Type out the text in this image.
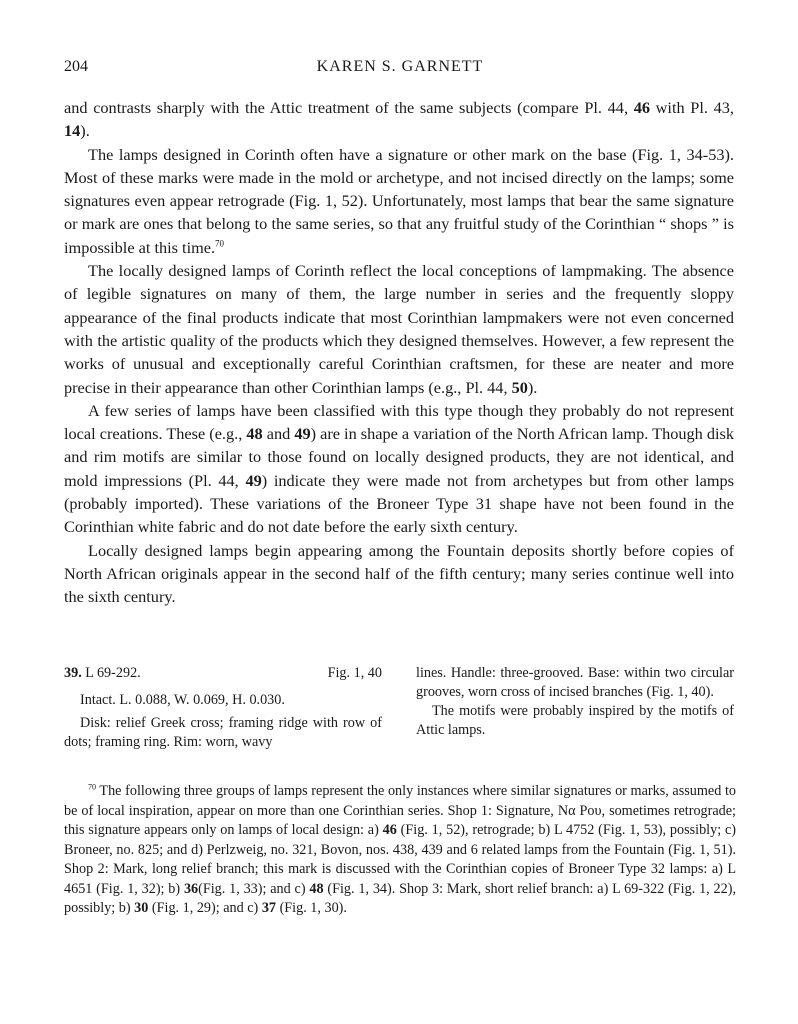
204	KAREN S. GARNETT

and contrasts sharply with the Attic treatment of the same subjects (compare Pl. 44, 46 with Pl. 43, 14).

The lamps designed in Corinth often have a signature or other mark on the base (Fig. 1, 34-53). Most of these marks were made in the mold or archetype, and not incised directly on the lamps; some signatures even appear retrograde (Fig. 1, 52). Unfortunately, most lamps that bear the same signature or mark are ones that belong to the same series, so that any fruitful study of the Corinthian “ shops ” is impossible at this time.$^{70}$

The locally designed lamps of Corinth reflect the local conceptions of lampmaking. The absence of legible signatures on many of them, the large number in series and the frequently sloppy appearance of the final products indicate that most Corinthian lampmakers were not even concerned with the artistic quality of the products which they designed themselves. However, a few represent the works of unusual and exceptionally careful Corinthian craftsmen, for these are neater and more precise in their appearance than other Corinthian lamps (e.g., Pl. 44, 50).

A few series of lamps have been classified with this type though they probably do not represent local creations. These (e.g., 48 and 49) are in shape a variation of the North African lamp. Though disk and rim motifs are similar to those found on locally designed products, they are not identical, and mold impressions (Pl. 44, 49) indicate they were made not from archetypes but from other lamps (probably imported). These variations of the Broneer Type 31 shape have not been found in the Corinthian white fabric and do not date before the early sixth century.

Locally designed lamps begin appearing among the Fountain deposits shortly before copies of North African originals appear in the second half of the fifth century; many series continue well into the sixth century.

39. L 69-292.	Fig. 1, 40

Intact. L. 0.088, W. 0.069, H. 0.030.

Disk: relief Greek cross; framing ridge with row of dots; framing ring. Rim: worn, wavy

lines. Handle: three-grooved. Base: within two circular grooves, worn cross of incised branches (Fig. 1, 40).

The motifs were probably inspired by the motifs of Attic lamps.

$^{70}$ The following three groups of lamps represent the only instances where similar signatures or marks, assumed to be of local inspiration, appear on more than one Corinthian series. Shop 1: Signature, Να Ρου, sometimes retrograde; this signature appears only on lamps of local design: a) 46 (Fig. 1, 52), retrograde; b) L 4752 (Fig. 1, 53), possibly; c) Broneer, no. 825; and d) Perlzweig, no. 321, Bovon, nos. 438, 439 and 6 related lamps from the Fountain (Fig. 1, 51). Shop 2: Mark, long relief branch; this mark is discussed with the Corinthian copies of Broneer Type 32 lamps: a) L 4651 (Fig. 1, 32); b) 36(Fig. 1, 33); and c) 48 (Fig. 1, 34). Shop 3: Mark, short relief branch: a) L 69-322 (Fig. 1, 22), possibly; b) 30 (Fig. 1, 29); and c) 37 (Fig. 1, 30).
